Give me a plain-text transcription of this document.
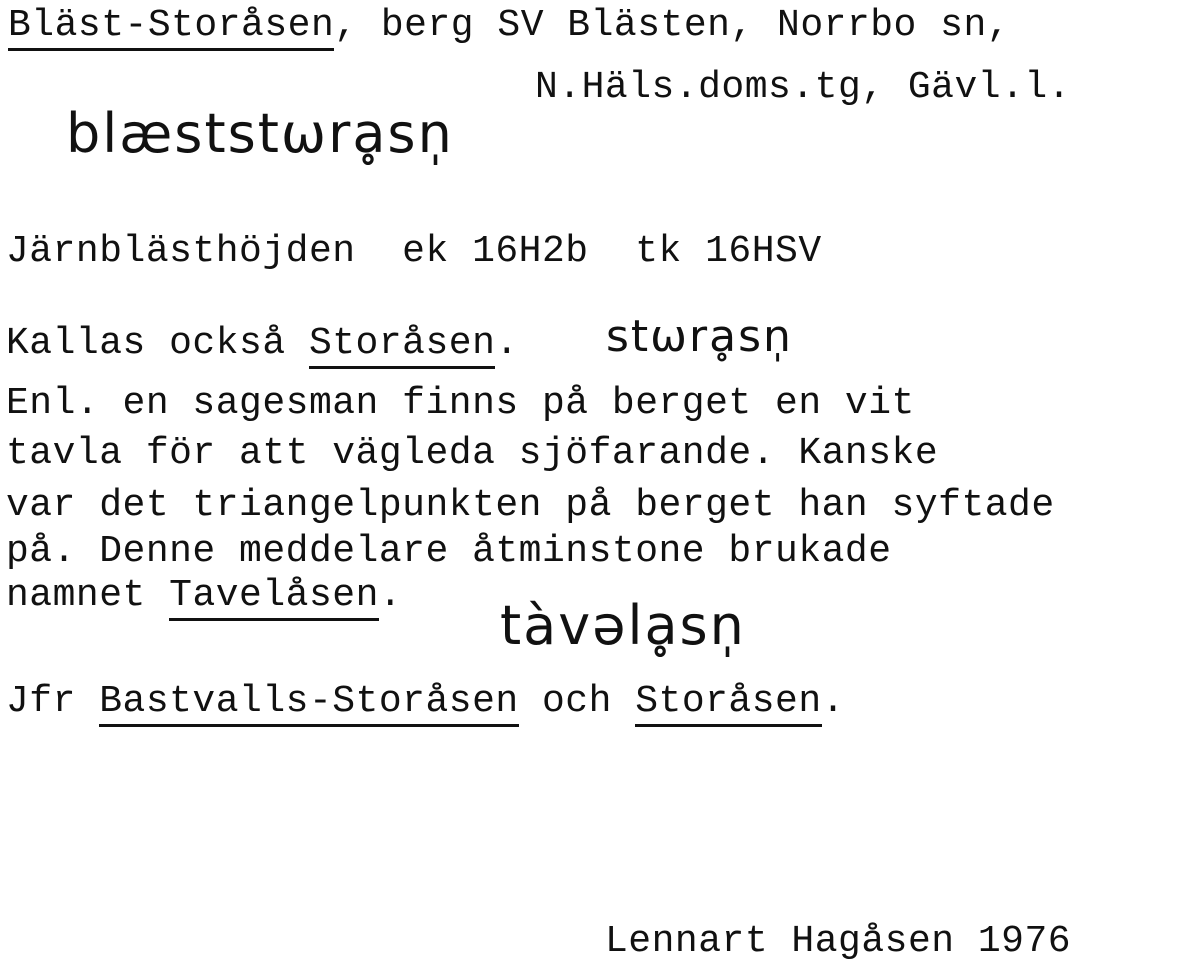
Bläst-Storåsen, berg SV Blästen, Norrbo sn,
N.Häls.doms.tg, Gävl.l.
blæststωrḁsn̩
Järnblästhöjden  ek 16H2b  tk 16HSV
Kallas också Storåsen. stωrḁsn̩
Enl. en sagesman finns på berget en vit
tavla för att vägleda sjöfarande. Kanske
var det triangelpunkten på berget han syftade
på. Denne meddelare åtminstone brukade
namnet Tavelåsen. tàvəlḁsn̩
Jfr Bastvalls-Storåsen och Storåsen.
Lennart Hagåsen 1976
